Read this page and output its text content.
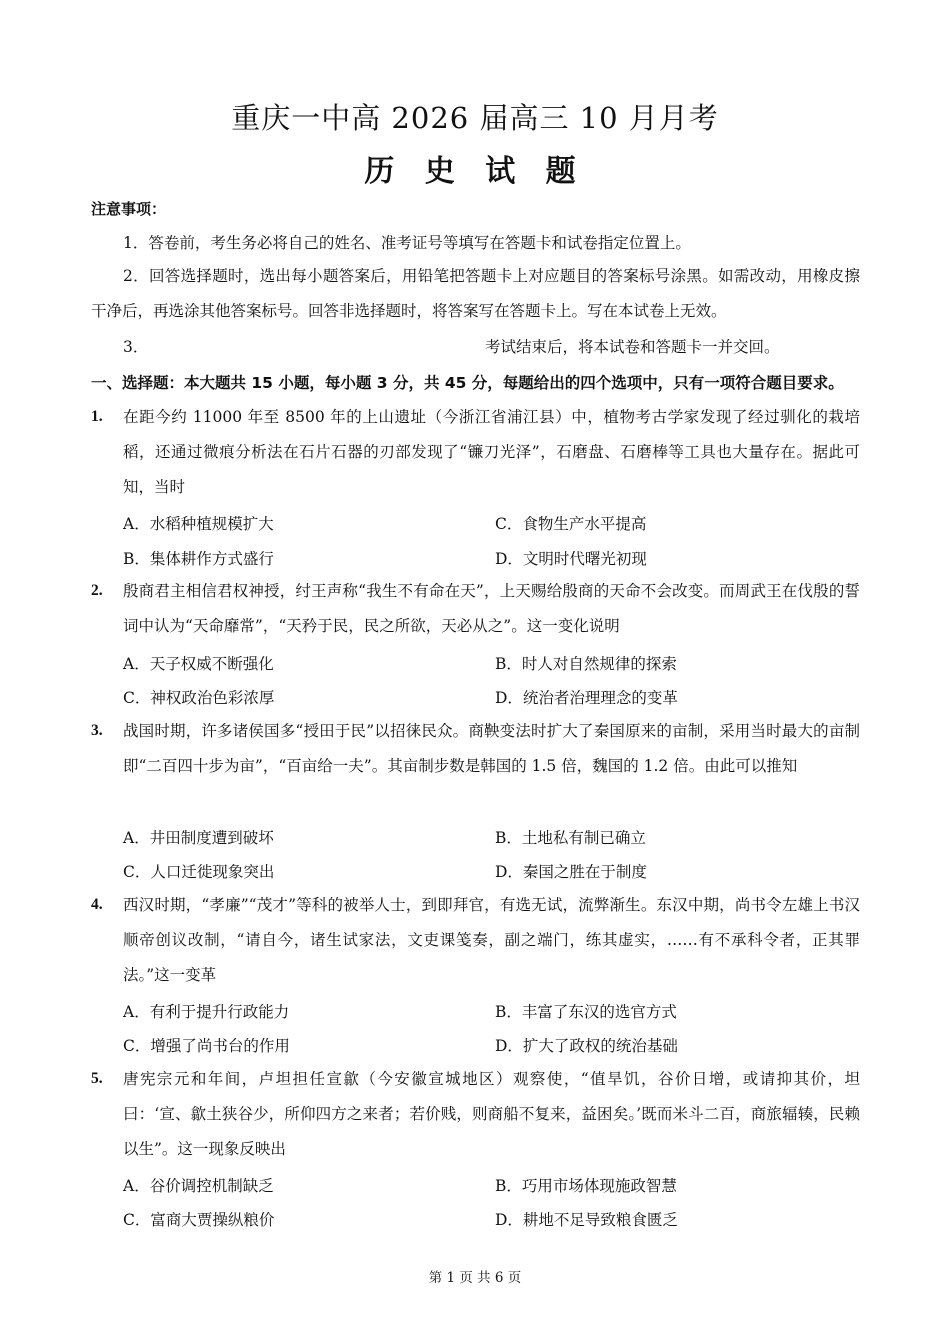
重庆一中高 2026 届高三 10 月月考
历 史 试 题
注意事项：
1．答卷前，考生务必将自己的姓名、准考证号等填写在答题卡和试卷指定位置上。
2．回答选择题时，选出每小题答案后，用铅笔把答题卡上对应题目的答案标号涂黑。如需改动，用橡皮擦干净后，再选涂其他答案标号。回答非选择题时，将答案写在答题卡上。写在本试卷上无效。
3．	考试结束后，将本试卷和答题卡一并交回。
一、选择题：本大题共 15 小题，每小题 3 分，共 45 分，每题给出的四个选项中，只有一项符合题目要求。
1. 在距今约 11000 年至 8500 年的上山遗址（今浙江省浦江县）中，植物考古学家发现了经过驯化的栽培稻，还通过微痕分析法在石片石器的刃部发现了“镰刀光泽”，石磨盘、石磨棒等工具也大量存在。据此可知，当时
A．水稻种植规模扩大	C．食物生产水平提高
B．集体耕作方式盛行	D．文明时代曙光初现
2. 殷商君主相信君权神授，纣王声称“我生不有命在天”，上天赐给殷商的天命不会改变。而周武王在伐殷的誓词中认为“天命靡常”，“天矜于民，民之所欲，天必从之”。这一变化说明
A．天子权威不断强化	B．时人对自然规律的探索
C．神权政治色彩浓厚	D．统治者治理理念的变革
3. 战国时期，许多诸侯国多“授田于民”以招徕民众。商鞅变法时扩大了秦国原来的亩制，采用当时最大的亩制即“二百四十步为亩”，“百亩给一夫”。其亩制步数是韩国的 1.5 倍，魏国的 1.2 倍。由此可以推知
A．井田制度遭到破坏	B．土地私有制已确立
C．人口迁徙现象突出	D．秦国之胜在于制度
4. 西汉时期，“孝廉”“茂才”等科的被举人士，到即拜官，有选无试，流弊渐生。东汉中期，尚书令左雄上书汉顺帝创议改制，“请自今，诸生试家法，文吏课笺奏，副之端门，练其虚实，……有不承科令者，正其罪法。”这一变革
A．有利于提升行政能力	B．丰富了东汉的选官方式
C．增强了尚书台的作用	D．扩大了政权的统治基础
5. 唐宪宗元和年间，卢坦担任宣歙（今安徽宣城地区）观察使，“值旱饥，谷价日增，或请抑其价，坦曰：‘宣、歙土狭谷少，所仰四方之来者；若价贱，则商船不复来，益困矣。’既而米斗二百，商旅辐辏，民赖以生”。这一现象反映出
A．谷价调控机制缺乏	B．巧用市场体现施政智慧
C．富商大贾操纵粮价	D．耕地不足导致粮食匮乏
第 1 页 共 6 页
